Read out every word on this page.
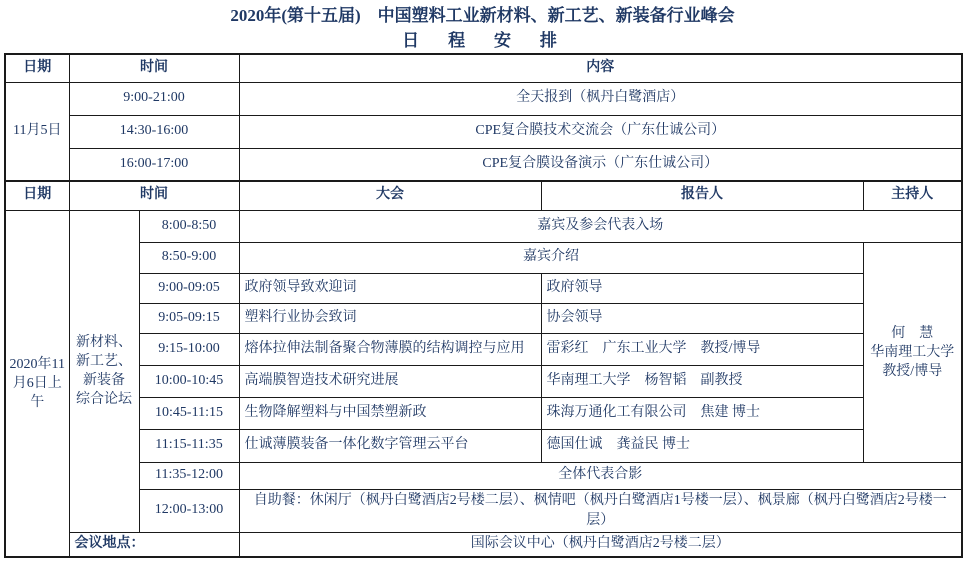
2020年(第十五届)　中国塑料工业新材料、新工艺、新装备行业峰会
日　程　安　排
日期	时间		内容		
11月5日	9:00-21:00		全天报到（枫丹白鹭酒店）		
	14:30-16:00		CPE复合膜技术交流会（广东仕诚公司）		
	16:00-17:00		CPE复合膜设备演示（广东仕诚公司）		
日期	时间		大会	报告人	主持人
2020年11月6日上午	新材料、
新工艺、
新装备
综合论坛	8:00-8:50	嘉宾及参会代表入场		
		8:50-9:00	嘉宾介绍		何　慧
华南理工大学
教授/博导

		9:00-09:05	政府领导致欢迎词	政府领导	
		9:05-09:15	塑料行业协会致词	协会领导	
		9:15-10:00	熔体拉伸法制备聚合物薄膜的结构调控与应用	雷彩红　广东工业大学　教授/博导	
		10:00-10:45	高端膜智造技术研究进展	华南理工大学　杨智韬　副教授	
		10:45-11:15	生物降解塑料与中国禁塑新政	珠海万通化工有限公司　焦建 博士	
		11:15-11:35	仕诚薄膜装备一体化数字管理云平台	德国仕诚　龚益民 博士	
		11:35-12:00	全体代表合影		
		12:00-13:00	自助餐：休闲厅（枫丹白鹭酒店2号楼二层）、枫情吧（枫丹白鹭酒店1号楼一层）、枫景廊（枫丹白鹭酒店2号楼一层）		
	会议地点：		国际会议中心（枫丹白鹭酒店2号楼二层）		
